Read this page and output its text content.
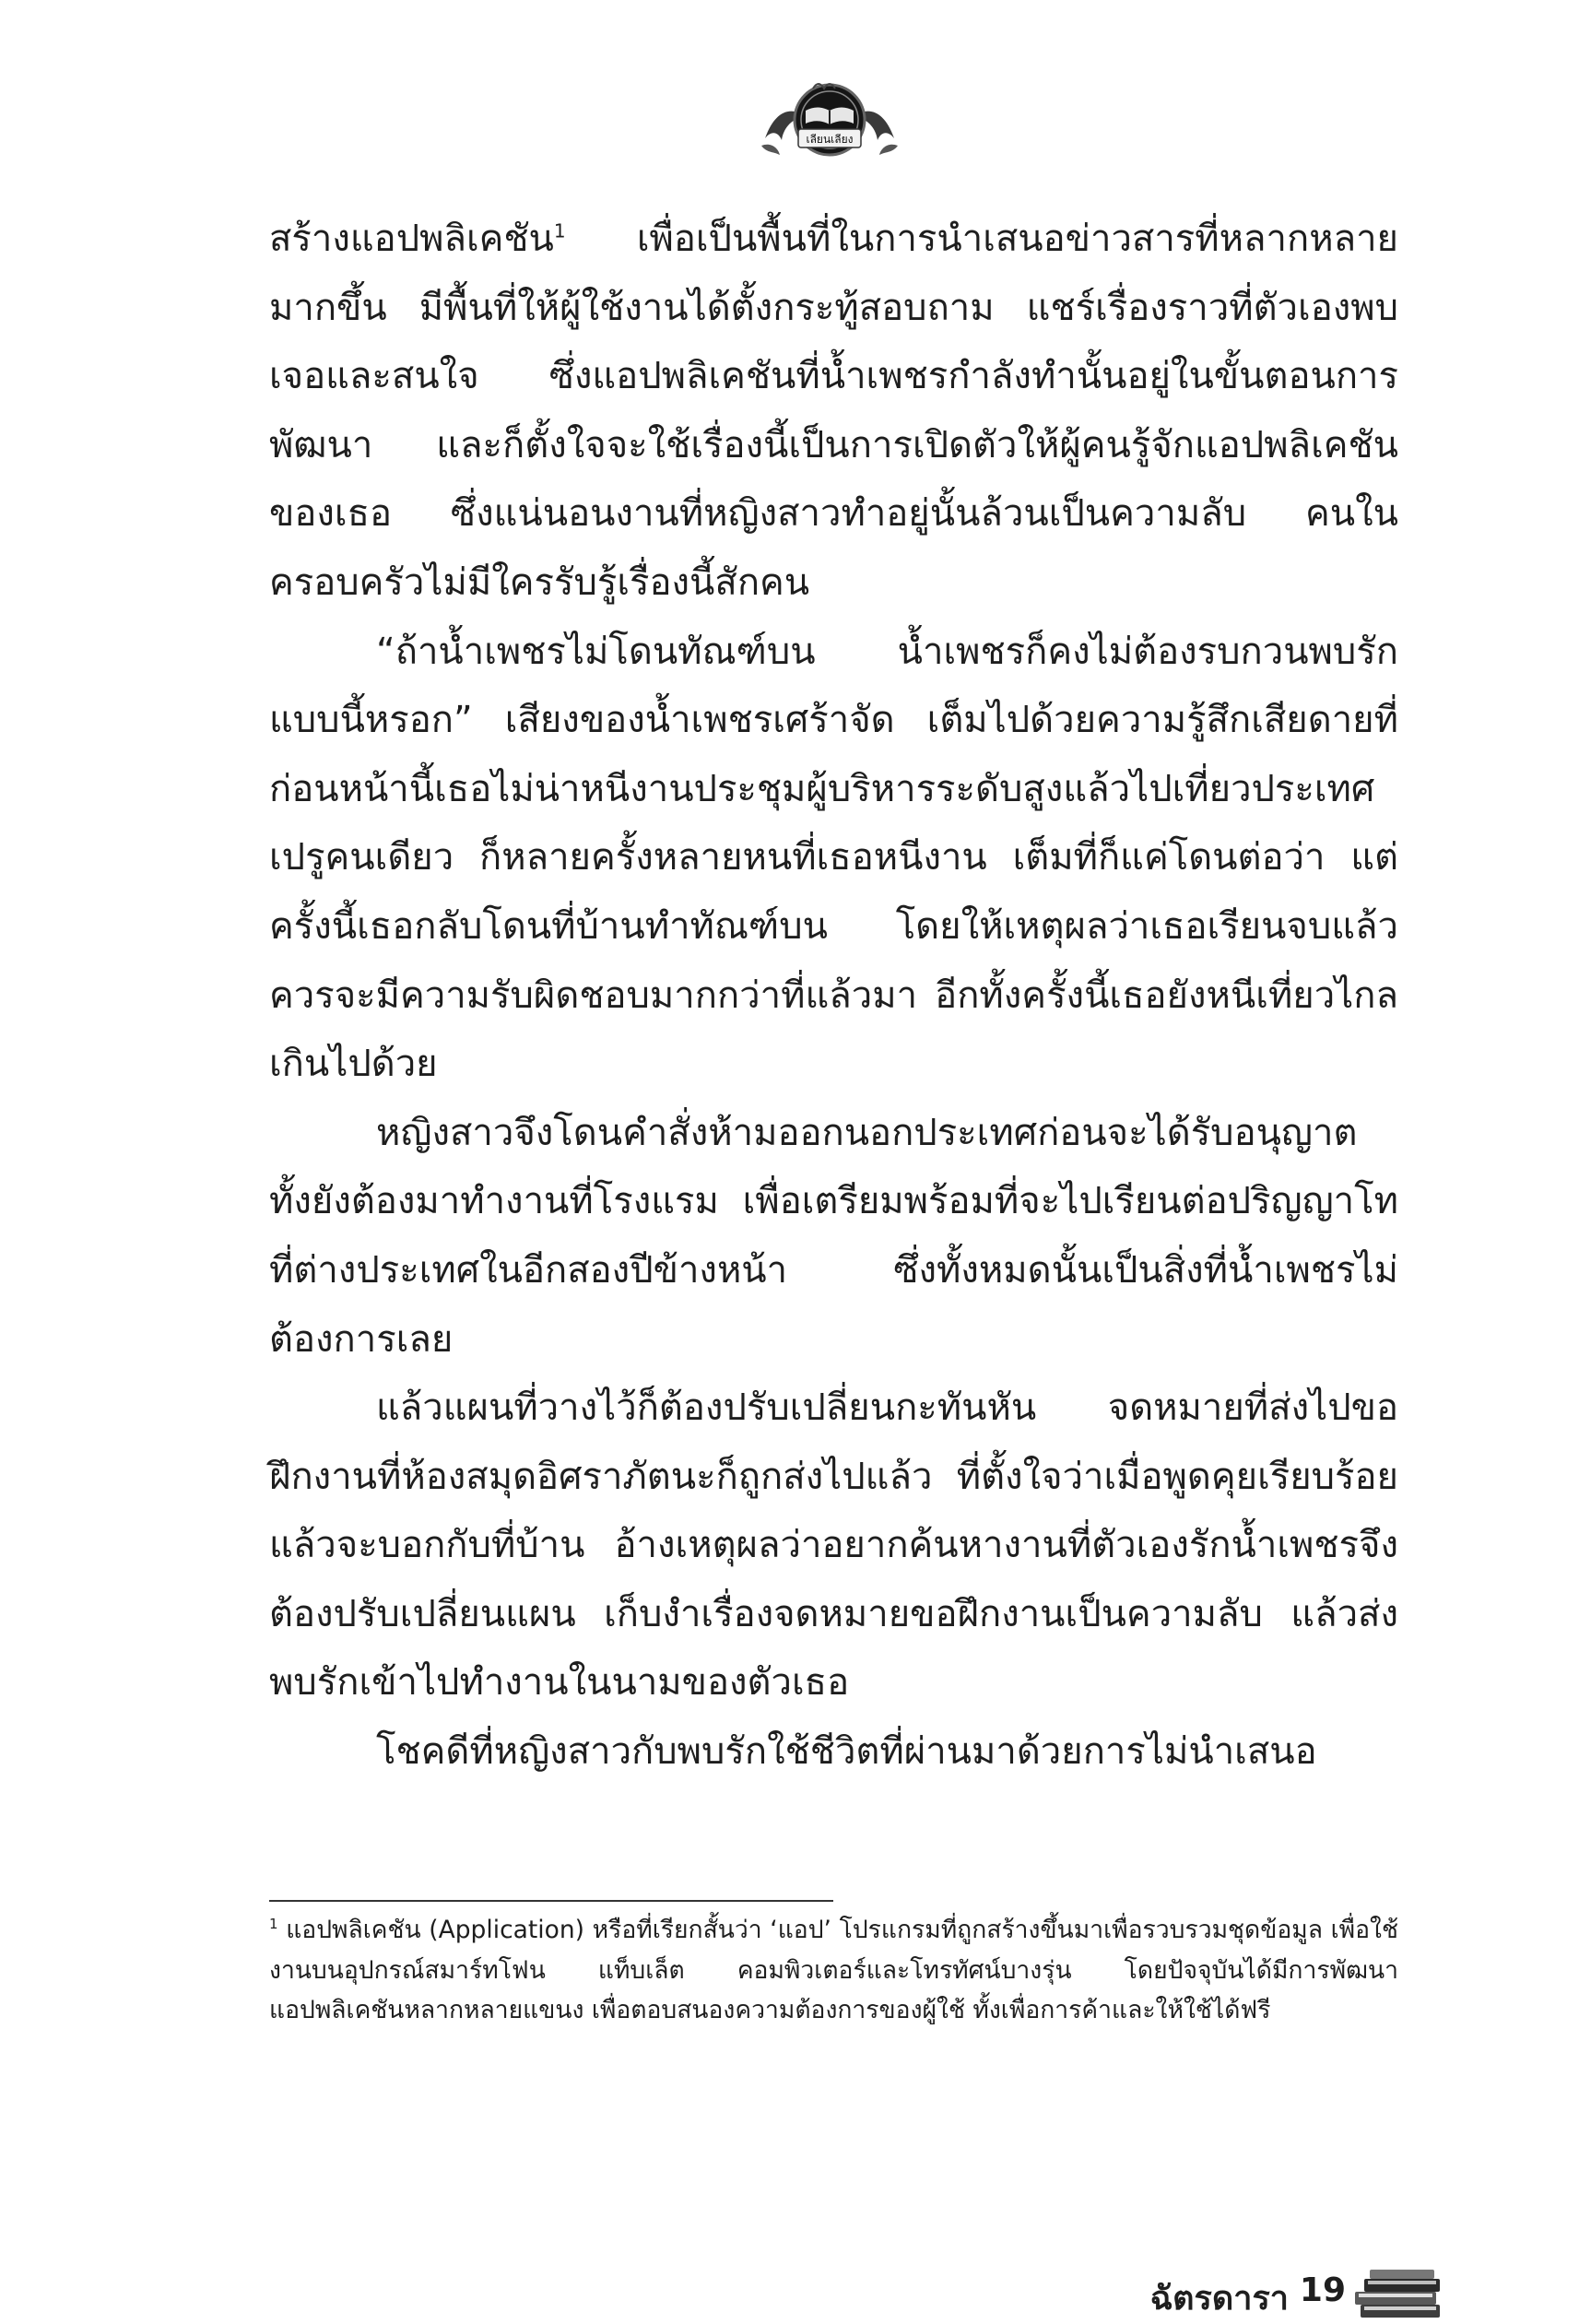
เลียนเลียง

สร้างแอปพลิเคชัน$^1$ เพื่อเป็นพื้นที่ในการนำเสนอข่าวสารที่หลากหลายมากขึ้น มีพื้นที่ให้ผู้ใช้งานได้ตั้งกระทู้สอบถาม แชร์เรื่องราวที่ตัวเองพบเจอและสนใจ ซึ่งแอปพลิเคชันที่น้ำเพชรกำลังทำนั้นอยู่ในขั้นตอนการพัฒนา และก็ตั้งใจจะใช้เรื่องนี้เป็นการเปิดตัวให้ผู้คนรู้จักแอปพลิเคชันของเธอ ซึ่งแน่นอนงานที่หญิงสาวทำอยู่นั้นล้วนเป็นความลับ คนในครอบครัวไม่มีใครรับรู้เรื่องนี้สักคน

“ถ้าน้ำเพชรไม่โดนทัณฑ์บน น้ำเพชรก็คงไม่ต้องรบกวนพบรักแบบนี้หรอก” เสียงของน้ำเพชรเศร้าจัด เต็มไปด้วยความรู้สึกเสียดายที่ก่อนหน้านี้เธอไม่น่าหนีงานประชุมผู้บริหารระดับสูงแล้วไปเที่ยวประเทศเปรูคนเดียว ก็หลายครั้งหลายหนที่เธอหนีงาน เต็มที่ก็แค่โดนต่อว่า แต่ครั้งนี้เธอกลับโดนที่บ้านทำทัณฑ์บน โดยให้เหตุผลว่าเธอเรียนจบแล้ว ควรจะมีความรับผิดชอบมากกว่าที่แล้วมา อีกทั้งครั้งนี้เธอยังหนีเที่ยวไกลเกินไปด้วย

หญิงสาวจึงโดนคำสั่งห้ามออกนอกประเทศก่อนจะได้รับอนุญาต ทั้งยังต้องมาทำงานที่โรงแรม เพื่อเตรียมพร้อมที่จะไปเรียนต่อปริญญาโทที่ต่างประเทศในอีกสองปีข้างหน้า ซึ่งทั้งหมดนั้นเป็นสิ่งที่น้ำเพชรไม่ต้องการเลย

แล้วแผนที่วางไว้ก็ต้องปรับเปลี่ยนกะทันหัน จดหมายที่ส่งไปขอฝึกงานที่ห้องสมุดอิศราภัตนะก็ถูกส่งไปแล้ว ที่ตั้งใจว่าเมื่อพูดคุยเรียบร้อยแล้วจะบอกกับที่บ้าน อ้างเหตุผลว่าอยากค้นหางานที่ตัวเองรักน้ำเพชรจึงต้องปรับเปลี่ยนแผน เก็บงำเรื่องจดหมายขอฝึกงานเป็นความลับ แล้วส่งพบรักเข้าไปทำงานในนามของตัวเธอ

โชคดีที่หญิงสาวกับพบรักใช้ชีวิตที่ผ่านมาด้วยการไม่นำเสนอ

$^1$ แอปพลิเคชัน (Application) หรือที่เรียกสั้นว่า ‘แอป’ โปรแกรมที่ถูกสร้างขึ้นมาเพื่อรวบรวมชุดข้อมูล เพื่อใช้งานบนอุปกรณ์สมาร์ทโฟน แท็บเล็ต คอมพิวเตอร์และโทรทัศน์บางรุ่น โดยปัจจุบันได้มีการพัฒนาแอปพลิเคชันหลากหลายแขนง เพื่อตอบสนองความต้องการของผู้ใช้ ทั้งเพื่อการค้าและให้ใช้ได้ฟรี

ฉัตรดารา 19
